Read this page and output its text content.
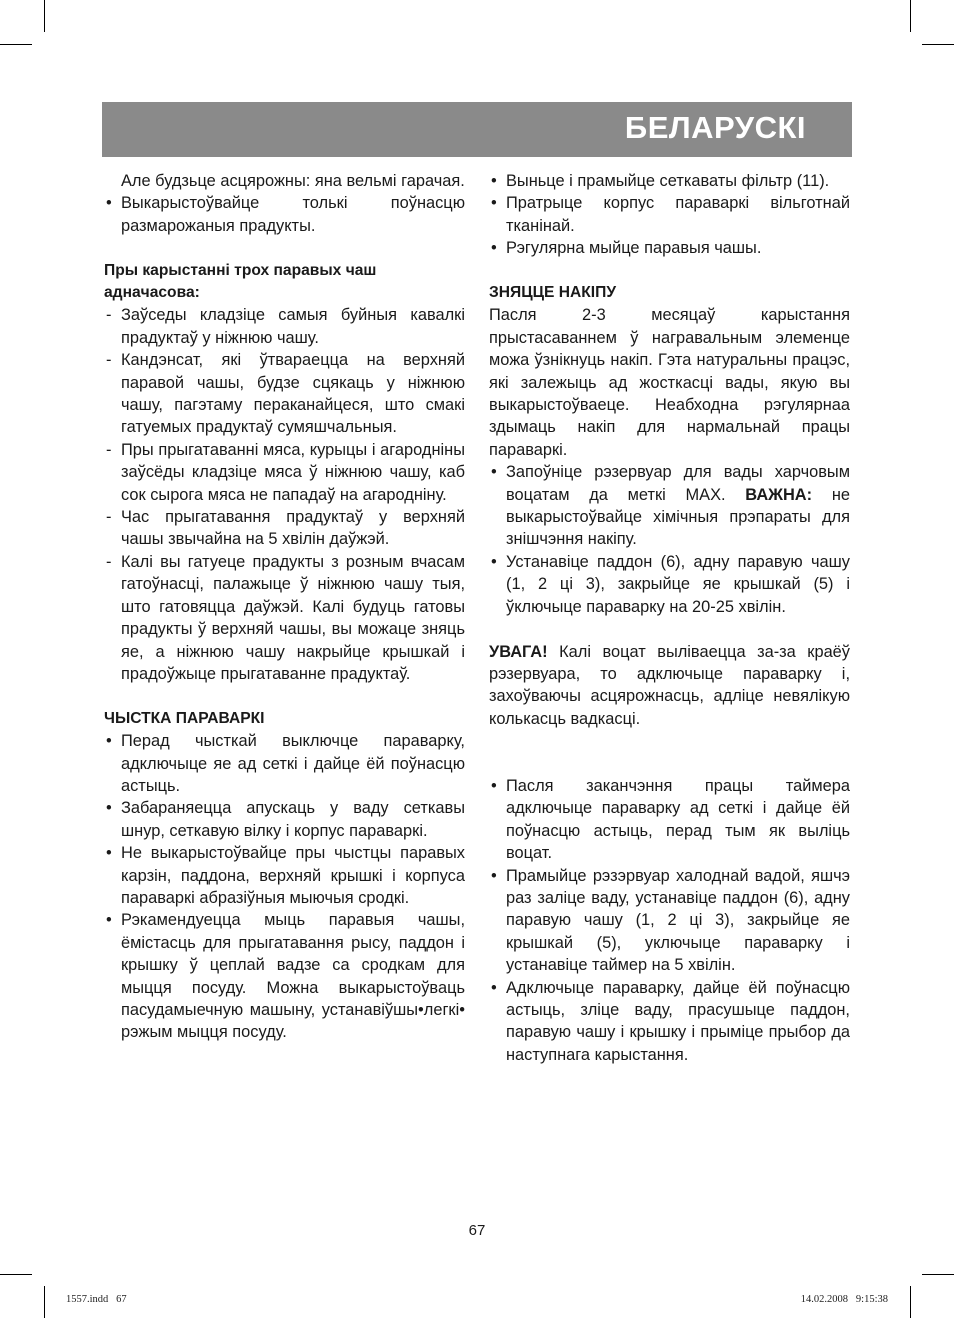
БЕЛАРУСКІ

Але будзьце асцярожны: яна вельмі гарачая.

• Выкарыстоўвайце толькі поўнасцю размарожаныя прадукты.

Пры карыстанні трох паравых чаш аднaчасова:

- Заўседы кладзіце самыя буйныя кавалкі прадуктаў у ніжнюю чашу.
- Кандэнсат, які ўтвараецца на верхняй паравой чашы, будзе сцякаць у ніжнюю чашу, пагэтаму перакaнайцеся, што смакі гатуемых прадуктаў сумяшчальныя.
- Пры прыгатаванні мяса, курыцы і агародніны заўсёды кладзіце мяса ў ніжнюю чашу, каб сок сырога мяса не пападаў на агародніну.
- Час прыгатавання прадуктаў у верхняй чашы звычайна на 5 хвілін даўжэй.
- Калі вы гатуеце прадукты з розным вчасам гатоўнасці, палажыце ў ніжнюю чашу тыя, што гатовяцца даўжэй. Калі будуць гатовы прадукты ў верхняй чашы, вы можаце зняць яе, а ніжнюю чашу накрыйце крышкай і прадоўжыце прыгатаванне прадуктаў.

ЧЫСТКА ПАРАВАРКІ

• Перад чысткай выключце параварку, адключыце яе ад сеткі і дайце ёй поўнасцю астыць.
• Забараняецца апускаць у ваду сеткавы шнур, сеткавую вілку і корпус параваркі.
• Не выкарыстоўвайце пры чыстцы паравых карзін, паддона, верхняй крышкі і корпуса параваркі абразіўныя мыючыя сродкі.
• Рэкамендуецца мыць паравыя чашы, ёмістасць для прыгатавання рысу, паддон і крышку ў цеплай вадзе са сродкам для мыцця посуду. Можна выкарыстоўваць пасудамыечную машыну, устанавіўшы•легкі• рэжым мыцця посуду.
• Выньце і прамыйце сеткаваты фільтр (11).
• Пратрыце корпус параваркі вільготнай тканінай.
• Рэгулярна мыйце паравыя чашы.

ЗНЯЦЦЕ НАКІПУ

Пасля 2-3 месяцаў карыстання прыстасаваннем ў награвальным элеменце можа ўзнікнуць накіп. Гэта натуральны працэс, які залежыць ад жосткасці вады, якую вы выкарыстоўваеце. Неабходна рэгулярнаа здымаць накіп для нармальнай працы параваркі.

• Запоўніце рэзервуар для вады харчовым воцатам да меткі МАХ. ВАЖНА: не выкарыстоўвайце хімічныя прэпараты для знішчэння накіпу.
• Устанавіце паддон (6), адну паравую чашу (1, 2 ці 3), закрыйце яе крышкай (5) і ўключыце параварку на 20-25 хвілін.

УВАГА! Калі воцат выліваецца за-за краёў рэзервуара, то адключыце параварку і, захоўваючы асцярожнасць, адліце невялікую колькасць вадкасці.

• Пасля заканчэння працы таймера адключыце параварку ад сеткі і дайце ёй поўнасцю астыць, перад тым як выліць воцат.
• Прамыйце рэзэрвуар халоднай вадой, яшчэ раз заліце ваду, устанавіце паддон (6), адну паравую чашу (1, 2 ці 3), закрыйце яе крышкай (5), уключыце параварку і устанавіце таймер на 5 хвілін.
• Адключыце параварку, дайце ёй поўнасцю астыць, зліце ваду, прасушыце паддон, паравую чашу і крышку і прыміце прыбор да наступнага карыстання.
67
1557.indd   67	14.02.2008   9:15:38
